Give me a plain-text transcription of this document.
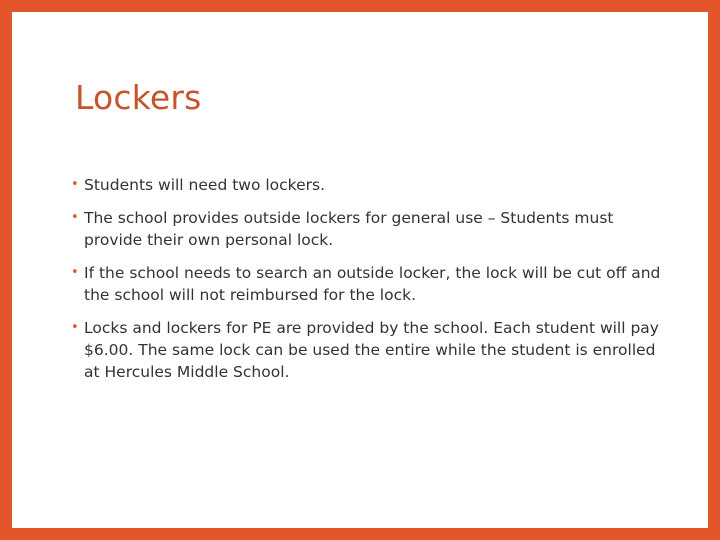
Lockers
• Students will need two lockers.
• The school provides outside lockers for general use – Students must provide their own personal lock.
• If the school needs to search an outside locker, the lock will be cut off and the school will not reimbursed for the lock.
• Locks and lockers for PE are provided by the school. Each student will pay $6.00. The same lock can be used the entire while the student is enrolled at Hercules Middle School.
